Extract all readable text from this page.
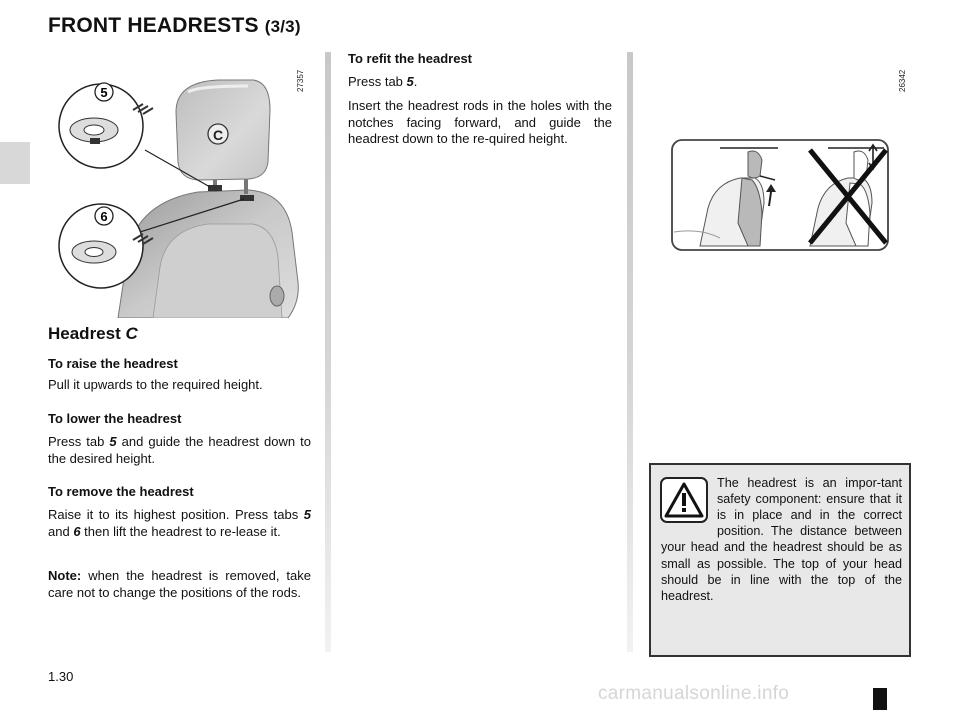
FRONT HEADRESTS (3/3)
C
5
6
27357
Headrest C
To raise the headrest
Pull it upwards to the required height.
To lower the headrest
Press tab 5 and guide the headrest down to the desired height.
To remove the headrest
Raise it to its highest position. Press tabs 5 and 6 then lift the headrest to re-lease it.
Note: when the headrest is removed, take care not to change the positions of the rods.
To refit the headrest
Press tab 5.
Insert the headrest rods in the holes with the notches facing forward, and guide the headrest down to the re-quired height.
26342
The headrest is an impor-tant safety component: ensure that it is in place and in the correct position. The distance between your head and the headrest should be as small as possible. The top of your head should be in line with the top of the headrest.
1.30
carmanualsonline.info
